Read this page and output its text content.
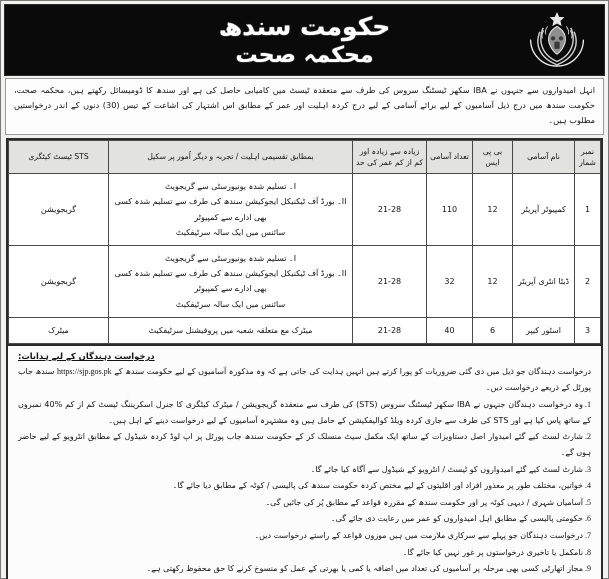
حکومت سندھ
محکمہ صحت
انہل امیدواروں سے جنہوں نے IBA سکھر ٹیسٹنگ سروس کی طرف سے منعقدہ ٹیسٹ میں کامیابی حاصل کی ہے اور سندھ کا ڈومیسائل رکھتے ہیں، محکمہ صحت، حکومت سندھ میں درج ذیل آسامیوں کے لیے برائے آسامی کے لیے درج کردہ اہلیت اور عمر کے مطابق اس اشتہار کی اشاعت کے تیس (30) دنوں کے اندر درخواستیں مطلوب ہیں۔
نمبر شمار	نام آسامی	بی پی ایس	تعداد آسامی	زیادہ سے زیادہ اور کم از کم عمر کی حد	بمطابق تقسیمی اہلیت / تجربہ و دیگر اُمور پر سکیل	STS ٹیسٹ کیٹگری
1	کمپیوٹر آپریٹر	12	110	21-28	I۔ تسلیم شدہ یونیورسٹی سے گریجویٹ
II۔ بورڈ آف ٹیکنیکل ایجوکیشن سندھ کی طرف سے تسلیم شدہ کسی بھی ادارے سے کمپیوٹر
سائنس میں ایک سالہ سرٹیفکیٹ	گریجویشن
2	ڈیٹا انٹری آپریٹر	12	32	21-28	I۔ تسلیم شدہ یونیورسٹی سے گریجویٹ
II۔ بورڈ آف ٹیکنیکل ایجوکیشن سندھ کی طرف سے تسلیم شدہ کسی بھی ادارے سے کمپیوٹر
سائنس میں ایک سالہ سرٹیفکیٹ	گریجویشن
3	اسٹور کیپر	6	40	21-28	میٹرک مع متعلقہ شعبہ میں پروفیشنل سرٹیفکیٹ	میٹرک
درخواست دہندگان کے لیے ہدایات:
درخواست دہندگان جو ذیل میں دی گئی ضروریات کو پورا کرتے ہیں انہیں ہدایت کی جاتی ہے کہ وہ مذکورہ آسامیوں کے لیے حکومت سندھ کے https://sjp.gos.pk سندھ جاب پورٹل کے ذریعے درخواست دیں۔
1.وہ درخواست دہندگان جنہوں نے IBA سکھر ٹیسٹنگ سروس (STS) کی طرف سے منعقدہ گریجویشن / میٹرک کیٹگری کا جنرل اسکریننگ ٹیسٹ کم از کم %40 نمبروں کے ساتھ پاس کیا ہے اور STS کی طرف سے جاری کردہ ویلڈ کوالیفکیشن کے حامل ہیں وہ مشتہرہ آسامیوں کے لیے درخواست دینے کے اہل ہیں۔
2.شارٹ لسٹ کیے گئے امیدوار اصل دستاویزات کے ساتھ ایک مکمل سیٹ منسلک کر کے حکومت سندھ جاب پورٹل پر اپ لوڈ کردہ شیڈول کے مطابق انٹرویو کے لیے حاضر ہوں گے۔
3.شارٹ لسٹ کیے گئے امیدواروں کو ٹیسٹ / انٹرویو کے شیڈول سے آگاہ کیا جائے گا۔
4.خواتین، مختلف طور پر معذور افراد اور اقلیتوں کے لیے مختص کردہ حکومت سندھ کی پالیسی / کوٹہ کے مطابق دیا جائے گا۔
5.آسامیاں شہری / دیہی کوٹہ پر اور حکومت سندھ کے مقررہ قواعد کے مطابق پُر کی جائیں گی۔
6.حکومتی پالیسی کے مطابق اہل امیدواروں کو عمر میں رعایت دی جائے گی۔
7.درخواست دہندگان جو پہلے سے سرکاری ملازمت میں ہیں موزوں قواعد کے راستے درخواست دیں۔
8.نامکمل یا تاخیری درخواستوں پر غور نہیں کیا جائے گا۔
9.مجاز اتھارٹی کسی بھی مرحلہ پر آسامیوں کی تعداد میں اضافہ یا کمی یا بھرتی کے عمل کو منسوخ کرنے کا حق محفوظ رکھتی ہے۔
